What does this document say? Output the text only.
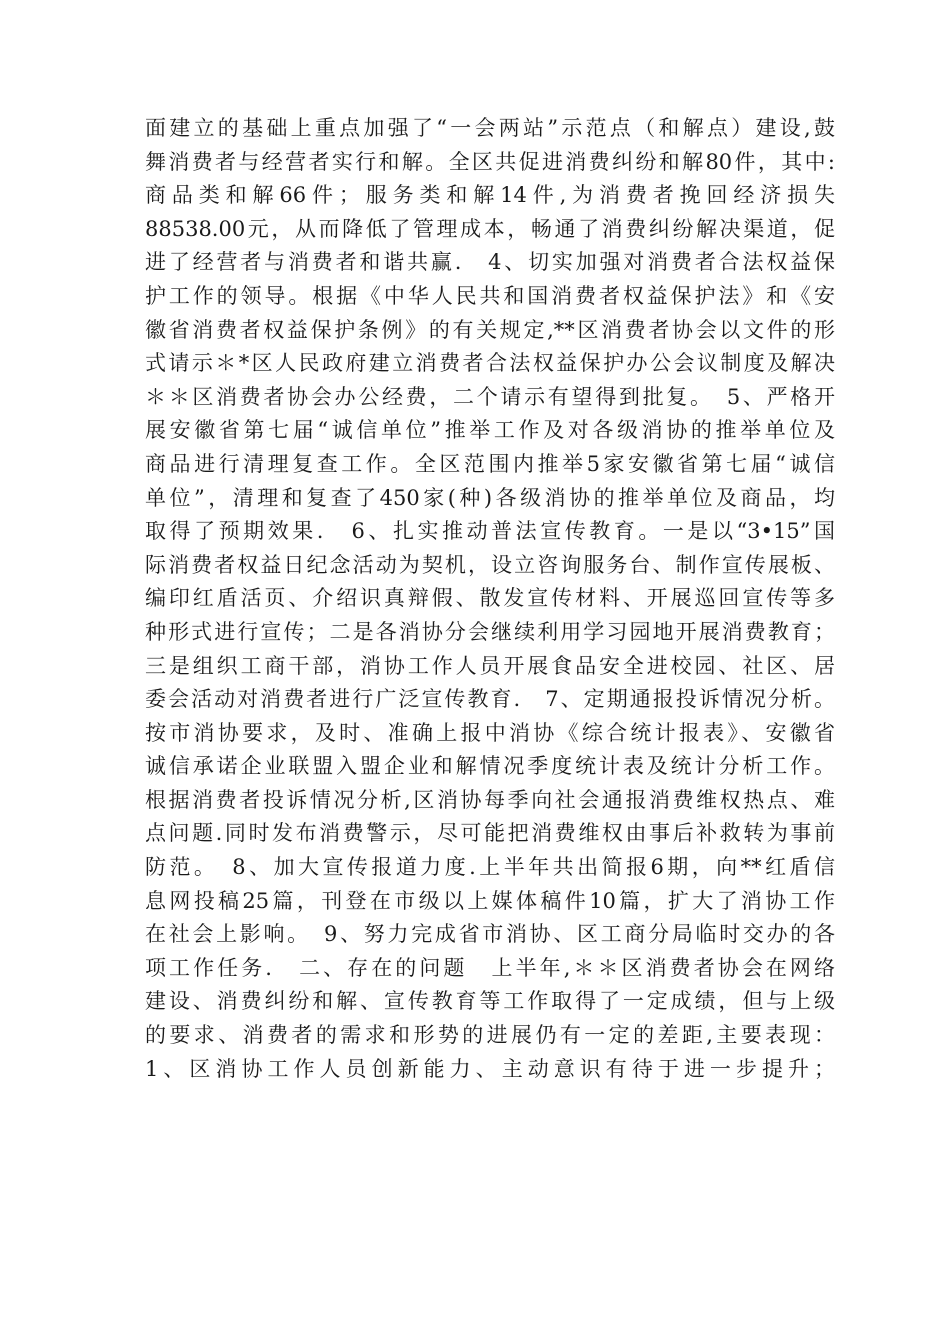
面建立的基础上重点加强了“一会两站”示范点（和解点）建设,鼓
舞消费者与经营者实行和解。全区共促进消费纠纷和解80件，其中:
商品类和解66件；服务类和解14件,为消费者挽回经济损失
88538.00元，从而降低了管理成本，畅通了消费纠纷解决渠道，促
进了经营者与消费者和谐共赢.　4、切实加强对消费者合法权益保
护工作的领导。根据《中华人民共和国消费者权益保护法》和《安
徽省消费者权益保护条例》的有关规定,**区消费者协会以文件的形
式请示＊*区人民政府建立消费者合法权益保护办公会议制度及解决
＊＊区消费者协会办公经费，二个请示有望得到批复。　5、严格开
展安徽省第七届“诚信单位”推举工作及对各级消协的推举单位及
商品进行清理复查工作。全区范围内推举5家安徽省第七届“诚信
单位”，清理和复查了450家(种)各级消协的推举单位及商品，均
取得了预期效果.　6、扎实推动普法宣传教育。一是以“3•15”国
际消费者权益日纪念活动为契机，设立咨询服务台、制作宣传展板、
编印红盾活页、介绍识真辩假、散发宣传材料、开展巡回宣传等多
种形式进行宣传；二是各消协分会继续利用学习园地开展消费教育；
三是组织工商干部，消协工作人员开展食品安全进校园、社区、居
委会活动对消费者进行广泛宣传教育.　7、定期通报投诉情况分析。
按市消协要求，及时、准确上报中消协《综合统计报表》、安徽省
诚信承诺企业联盟入盟企业和解情况季度统计表及统计分析工作。
根据消费者投诉情况分析,区消协每季向社会通报消费维权热点、难
点问题.同时发布消费警示，尽可能把消费维权由事后补救转为事前
防范。　8、加大宣传报道力度.上半年共出简报6期，向**红盾信
息网投稿25篇，刊登在市级以上媒体稿件10篇，扩大了消协工作
在社会上影响。　9、努力完成省市消协、区工商分局临时交办的各
项工作任务.　二、存在的问题　上半年,＊＊区消费者协会在网络
建设、消费纠纷和解、宣传教育等工作取得了一定成绩，但与上级
的要求、消费者的需求和形势的进展仍有一定的差距,主要表现：
1、区消协工作人员创新能力、主动意识有待于进一步提升；
